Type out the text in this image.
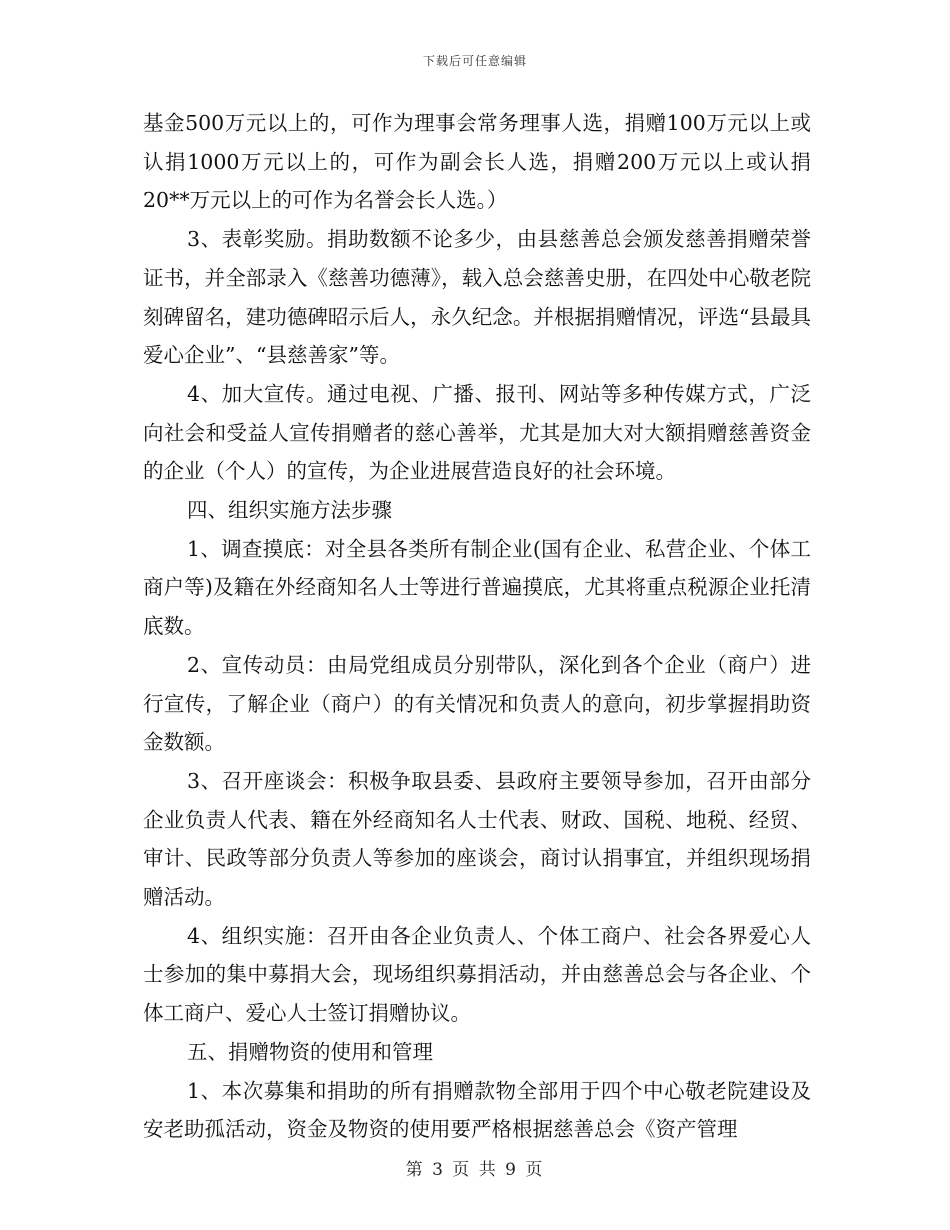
下载后可任意编辑

基金500万元以上的，可作为理事会常务理事人选，捐赠100万元以上或认捐1000万元以上的，可作为副会长人选，捐赠200万元以上或认捐20**万元以上的可作为名誉会长人选。）

3、表彰奖励。捐助数额不论多少，由县慈善总会颁发慈善捐赠荣誉证书，并全部录入《慈善功德薄》，载入总会慈善史册，在四处中心敬老院刻碑留名，建功德碑昭示后人，永久纪念。并根据捐赠情况，评选“县最具爱心企业”、“县慈善家”等。

4、加大宣传。通过电视、广播、报刊、网站等多种传媒方式，广泛向社会和受益人宣传捐赠者的慈心善举，尤其是加大对大额捐赠慈善资金的企业（个人）的宣传，为企业进展营造良好的社会环境。

四、组织实施方法步骤

1、调查摸底：对全县各类所有制企业(国有企业、私营企业、个体工商户等)及籍在外经商知名人士等进行普遍摸底，尤其将重点税源企业托清底数。

2、宣传动员：由局党组成员分别带队，深化到各个企业（商户）进行宣传，了解企业（商户）的有关情况和负责人的意向，初步掌握捐助资金数额。

3、召开座谈会：积极争取县委、县政府主要领导参加，召开由部分企业负责人代表、籍在外经商知名人士代表、财政、国税、地税、经贸、审计、民政等部分负责人等参加的座谈会，商讨认捐事宜，并组织现场捐赠活动。

4、组织实施：召开由各企业负责人、个体工商户、社会各界爱心人士参加的集中募捐大会，现场组织募捐活动，并由慈善总会与各企业、个体工商户、爱心人士签订捐赠协议。

五、捐赠物资的使用和管理

1、本次募集和捐助的所有捐赠款物全部用于四个中心敬老院建设及安老助孤活动，资金及物资的使用要严格根据慈善总会《资产管理

第 3 页 共 9 页
